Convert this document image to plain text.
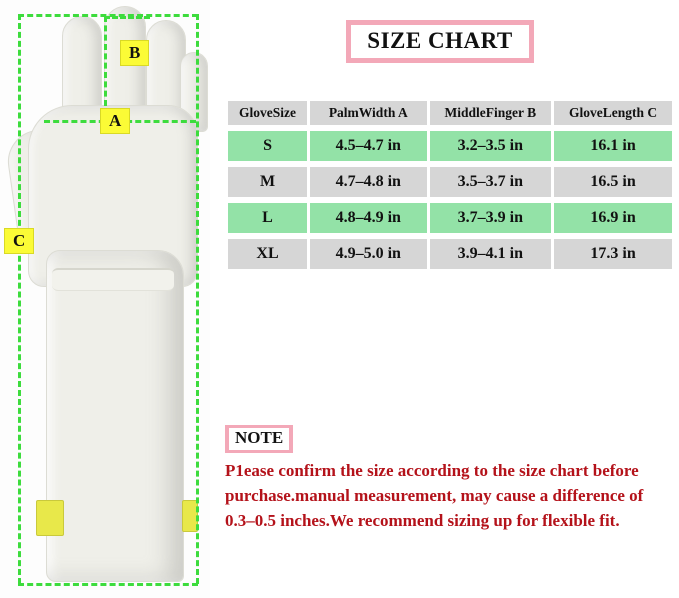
B
A
C
SIZE CHART
GloveSize	PalmWidth A	MiddleFinger B	GloveLength C
S	4.5–4.7 in	3.2–3.5 in	16.1 in
M	4.7–4.8 in	3.5–3.7 in	16.5 in
L	4.8–4.9 in	3.7–3.9 in	16.9 in
XL	4.9–5.0 in	3.9–4.1 in	17.3 in
NOTE
P1ease confirm the size according to the size chart before purchase.manual measurement, may cause a difference of 0.3–0.5 inches.We recommend sizing up for flexible fit.
